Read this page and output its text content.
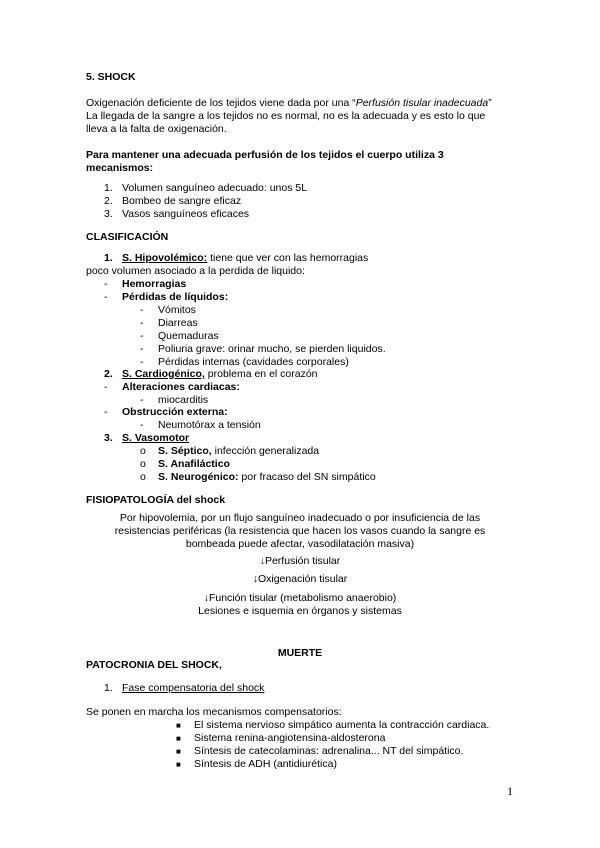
5. SHOCK
Oxigenación deficiente de los tejidos viene dada por una “Perfusión tisular inadecuada”
La llegada de la sangre a los tejidos no es normal, no es la adecuada y es esto lo que
lleva a la falta de oxigenación.
Para mantener una adecuada perfusión de los tejidos el cuerpo utiliza 3
mecanismos:
1. Volumen sanguíneo adecuado: unos 5L
2. Bombeo de sangre eficaz
3. Vasos sanguíneos eficaces
CLASIFICACIÓN
1. S. Hipovolémico: tiene que ver con las hemorragias
poco volumen asociado a la perdida de liquido:
- Hemorragias
- Pérdidas de líquidos:
- Vómitos
- Diarreas
- Quemaduras
- Poliuria grave: orinar mucho, se pierden liquidos.
- Pérdidas internas (cavidades corporales)
2. S. Cardiogénico, problema en el corazón
- Alteraciones cardiacas:
- miocarditis
- Obstrucción externa:
- Neumotórax a tensión
3. S. Vasomotor
o S. Séptico, infección generalizada
o S. Anafiláctico
o S. Neurogénico: por fracaso del SN simpático
FISIOPATOLOGÍA del shock
Por hipovolemia, por un flujo sanguíneo inadecuado o por insuficiencia de las
resistencias periféricas (la resistencia que hacen los vasos cuando la sangre es
bombeada puede afectar, vasodilatación masiva)
↓Perfusión tisular
↓Oxigenación tisular
↓Función tisular (metabolismo anaerobio)
Lesiones e isquemia en órganos y sistemas
MUERTE
PATOCRONIA DEL SHOCK,
1. Fase compensatoria del shock
Se ponen en marcha los mecanismos compensatorios:
■ El sistema nervioso simpático aumenta la contracción cardiaca.
■ Sistema renina-angiotensina-aldosterona
■ Síntesis de catecolaminas: adrenalina... NT del simpático.
■ Síntesis de ADH (antidiurética)
1
